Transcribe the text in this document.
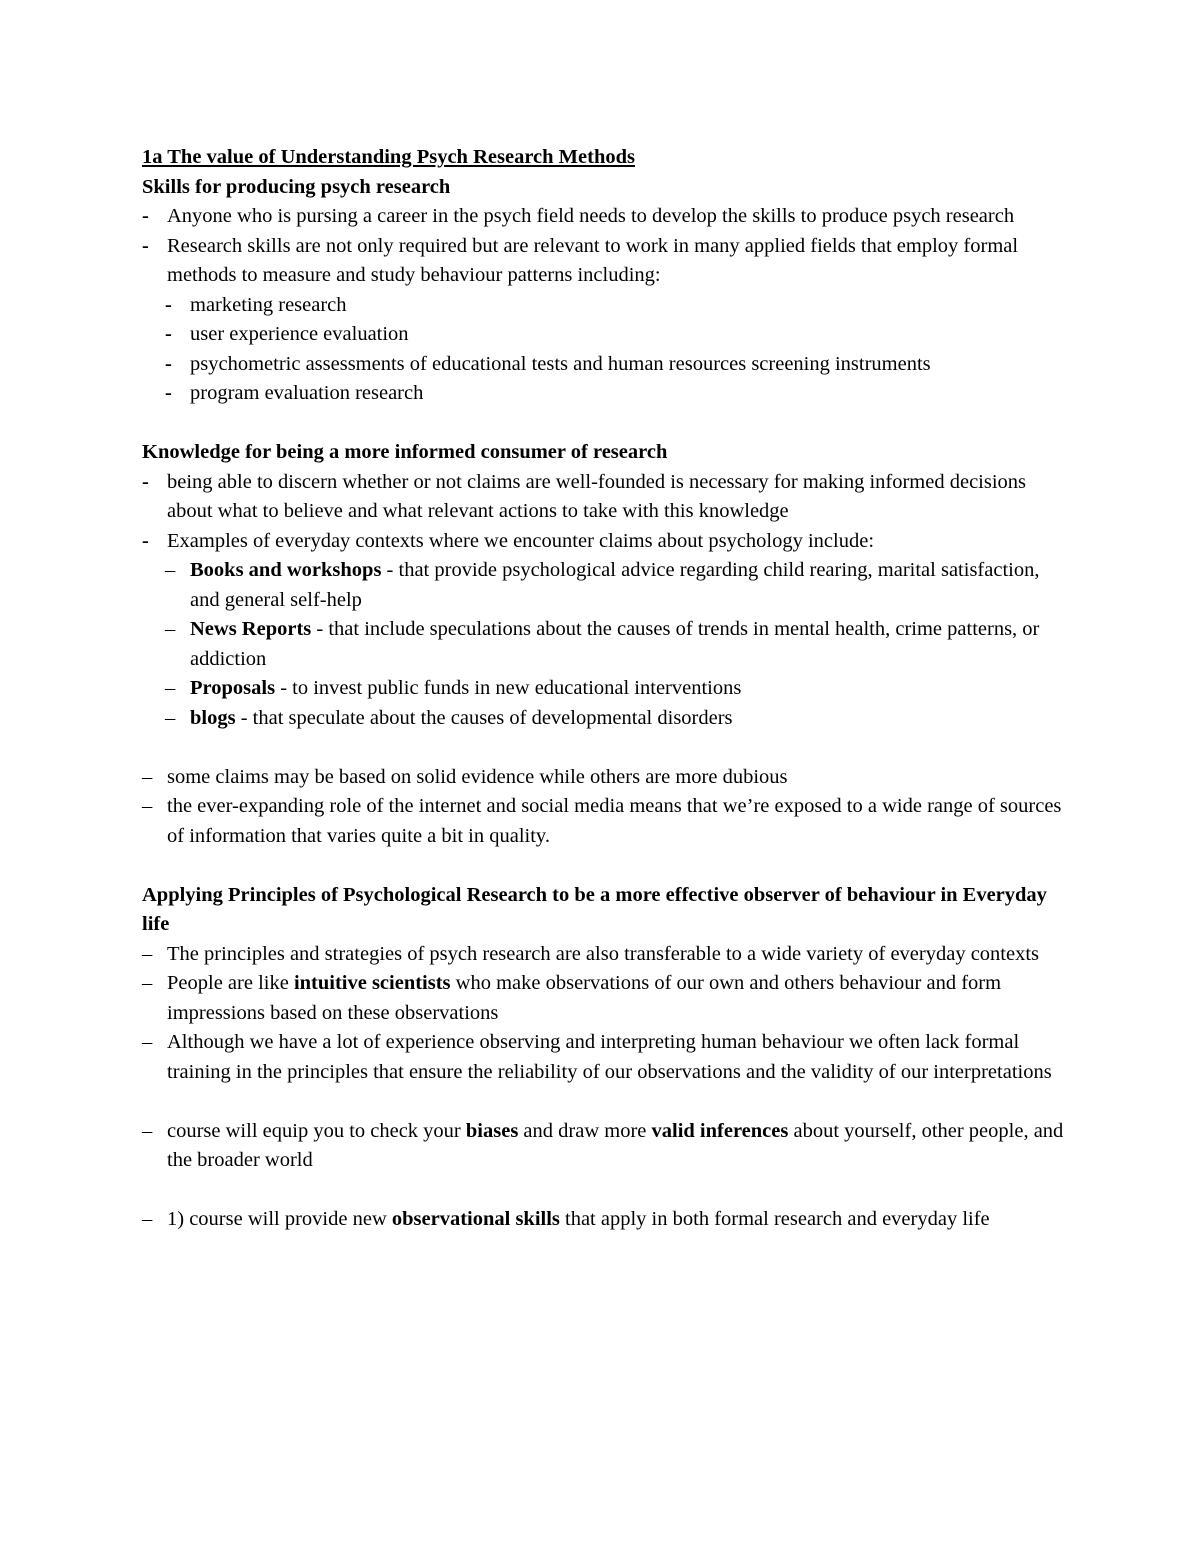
1a The value of Understanding Psych Research Methods

Skills for producing psych research

- Anyone who is pursing a career in the psych field needs to develop the skills to produce psych research
- Research skills are not only required but are relevant to work in many applied fields that employ formal methods to measure and study behaviour patterns including:
- marketing research
- user experience evaluation
- psychometric assessments of educational tests and human resources screening instruments
- program evaluation research

Knowledge for being a more informed consumer of research

- being able to discern whether or not claims are well-founded is necessary for making informed decisions about what to believe and what relevant actions to take with this knowledge
- Examples of everyday contexts where we encounter claims about psychology include:
– Books and workshops - that provide psychological advice regarding child rearing, marital satisfaction, and general self-help
– News Reports - that include speculations about the causes of trends in mental health, crime patterns, or addiction
– Proposals - to invest public funds in new educational interventions
– blogs - that speculate about the causes of developmental disorders
– some claims may be based on solid evidence while others are more dubious
– the ever-expanding role of the internet and social media means that we’re exposed to a wide range of sources of information that varies quite a bit in quality.

Applying Principles of Psychological Research to be a more effective observer of behaviour in Everyday life

– The principles and strategies of psych research are also transferable to a wide variety of everyday contexts
– People are like intuitive scientists who make observations of our own and others behaviour and form impressions based on these observations
– Although we have a lot of experience observing and interpreting human behaviour we often lack formal training in the principles that ensure the reliability of our observations and the validity of our interpretations
– course will equip you to check your biases and draw more valid inferences about yourself, other people, and the broader world
– 1) course will provide new observational skills that apply in both formal research and everyday life
